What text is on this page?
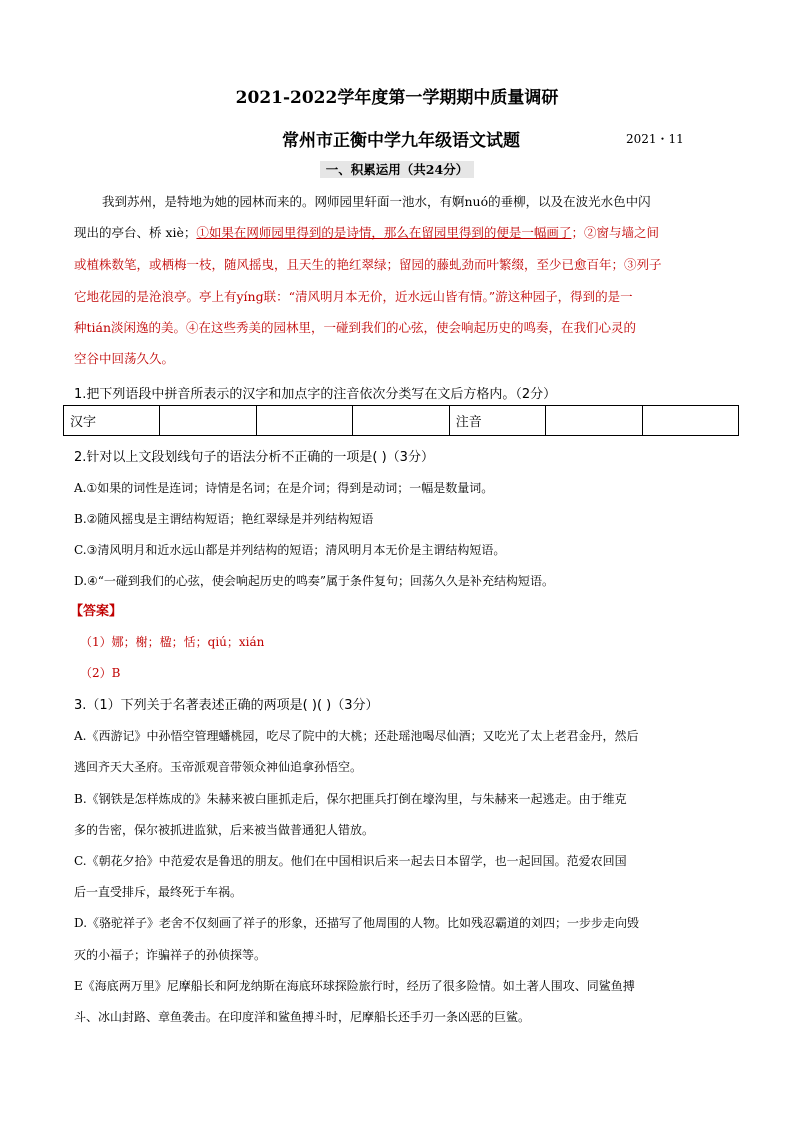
2021-2022学年度第一学期期中质量调研
常州市正衡中学九年级语文试题	2021・11
一、积累运用（共24分）
我到苏州，是特地为她的园林而来的。网师园里轩面一池水，有婀nuó的垂柳，以及在波光水色中闪
现出的亭台、桥 xiè；①如果在网师园里得到的是诗情，那么在留园里得到的便是一幅画了；②窗与墙之间
或植株数笔，或栖梅一枝，随风摇曳，且天生的艳红翠绿；留园的藤虬劲而叶繁缀，至少已愈百年；③列子
它地花园的是沧浪亭。亭上有yíng联：“清风明月本无价，近水远山皆有情。”游这种园子，得到的是一
种tián淡闲逸的美。④在这些秀美的园林里，一碰到我们的心弦，使会响起历史的鸣奏，在我们心灵的
空谷中回荡久久。
1.把下列语段中拼音所表示的汉字和加点字的注音依次分类写在文后方格内。（2分）
汉字				注音		
2.针对以上文段划线句子的语法分析不正确的一项是( )（3分）
A.①如果的词性是连词；诗情是名词；在是介词；得到是动词；一幅是数量词。
B.②随风摇曳是主谓结构短语；艳红翠绿是并列结构短语
C.③清风明月和近水远山都是并列结构的短语；清风明月本无价是主谓结构短语。
D.④“一碰到我们的心弦，使会响起历史的鸣奏”属于条件复句；回荡久久是补充结构短语。
【答案】
（1）娜；榭；楹；恬；qiú；xián
（2）B
3.（1）下列关于名著表述正确的两项是( )( )（3分）
A.《西游记》中孙悟空管理蟠桃园，吃尽了院中的大桃；还赴瑶池喝尽仙酒；又吃光了太上老君金丹，然后
逃回齐天大圣府。玉帝派观音带领众神仙追拿孙悟空。
B.《钢铁是怎样炼成的》朱赫来被白匪抓走后，保尔把匪兵打倒在壕沟里，与朱赫来一起逃走。由于维克
多的告密，保尔被抓进监狱，后来被当做普通犯人错放。
C.《朝花夕拾》中范爱农是鲁迅的朋友。他们在中国相识后来一起去日本留学，也一起回国。范爱农回国
后一直受排斥，最终死于车祸。
D.《骆驼祥子》老舍不仅刻画了祥子的形象，还描写了他周围的人物。比如残忍霸道的刘四；一步步走向毁
灭的小福子；诈骗祥子的孙侦探等。
E《海底两万里》尼摩船长和阿龙纳斯在海底环球探险旅行时，经历了很多险情。如土著人围攻、同鲨鱼搏
斗、冰山封路、章鱼袭击。在印度洋和鲨鱼搏斗时，尼摩船长还手刃一条凶恶的巨鲨。
